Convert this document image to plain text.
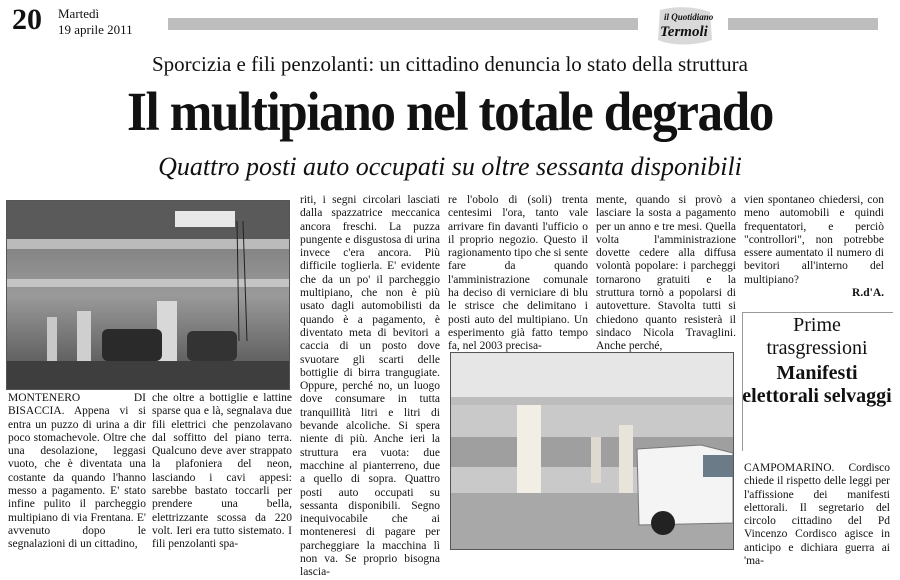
20 Martedì
19 aprile 2011
il Quotidiano
Termoli
Sporcizia e fili penzolanti: un cittadino denuncia lo stato della struttura
Il multipiano nel totale degrado
Quattro posti auto occupati su oltre sessanta disponibili

MONTENERO DI BISACCIA. Appena vi si entra un puzzo di urina a dir poco stomachevole. Oltre che una desolazione, leggasi vuoto, che è diventata una costante da quando l'hanno messo a pagamento. E' stato infine pulito il parcheggio multipiano di via Frentana. E' avvenuto dopo le segnalazioni di un cittadino,

che oltre a bottiglie e lattine sparse qua e là, segnalava due fili elettrici che penzolavano dal soffitto del piano terra. Qualcuno deve aver strappato la plafoniera del neon, lasciando i cavi appesi: sarebbe bastato toccarli per prendere una bella, elettrizzante scossa da 220 volt. Ieri era tutto sistemato. I fili penzolanti spa-

riti, i segni circolari lasciati dalla spazzatrice meccanica ancora freschi. La puzza pungente e disgustosa di urina invece c'era ancora. Più difficile toglierla. E' evidente che da un po' il parcheggio multipiano, che non è più usato dagli automobilisti da quando è a pagamento, è diventato meta di bevitori a caccia di un posto dove svuotare gli scarti delle bottiglie di birra trangugiate. Oppure, perché no, un luogo dove consumare in tutta tranquillità litri e litri di bevande alcoliche. Si spera niente di più. Anche ieri la struttura era vuota: due macchine al pianterreno, due a quello di sopra. Quattro posti auto occupati su sessanta disponibili. Segno inequivocabile che ai monteneresi di pagare per parcheggiare la macchina lì non va. Se proprio bisogna lascia-

re l'obolo di (soli) trenta centesimi l'ora, tanto vale arrivare fin davanti l'ufficio o il proprio negozio. Questo il ragionamento tipo che si sente fare da quando l'amministrazione comunale ha deciso di verniciare di blu le strisce che delimitano i posti auto del multipiano. Un esperimento già fatto tempo fa, nel 2003 precisa-

mente, quando si provò a lasciare la sosta a pagamento per un anno e tre mesi. Quella volta l'amministrazione dovette cedere alla diffusa volontà popolare: i parcheggi tornarono gratuiti e la struttura tornò a popolarsi di autovetture. Stavolta tutti si chiedono quanto resisterà il sindaco Nicola Travaglini. Anche perché,

vien spontaneo chiedersi, con meno automobili e quindi frequentatori, e perciò "controllori", non potrebbe essere aumentato il numero di bevitori all'interno del multipiano?
R.d'A.

Prime trasgressioni
Manifesti elettorali selvaggi

CAMPOMARINO. Cordisco chiede il rispetto delle leggi per l'affissione dei manifesti elettorali. Il segretario del circolo cittadino del Pd Vincenzo Cordisco agisce in anticipo e dichiara guerra ai 'ma-
